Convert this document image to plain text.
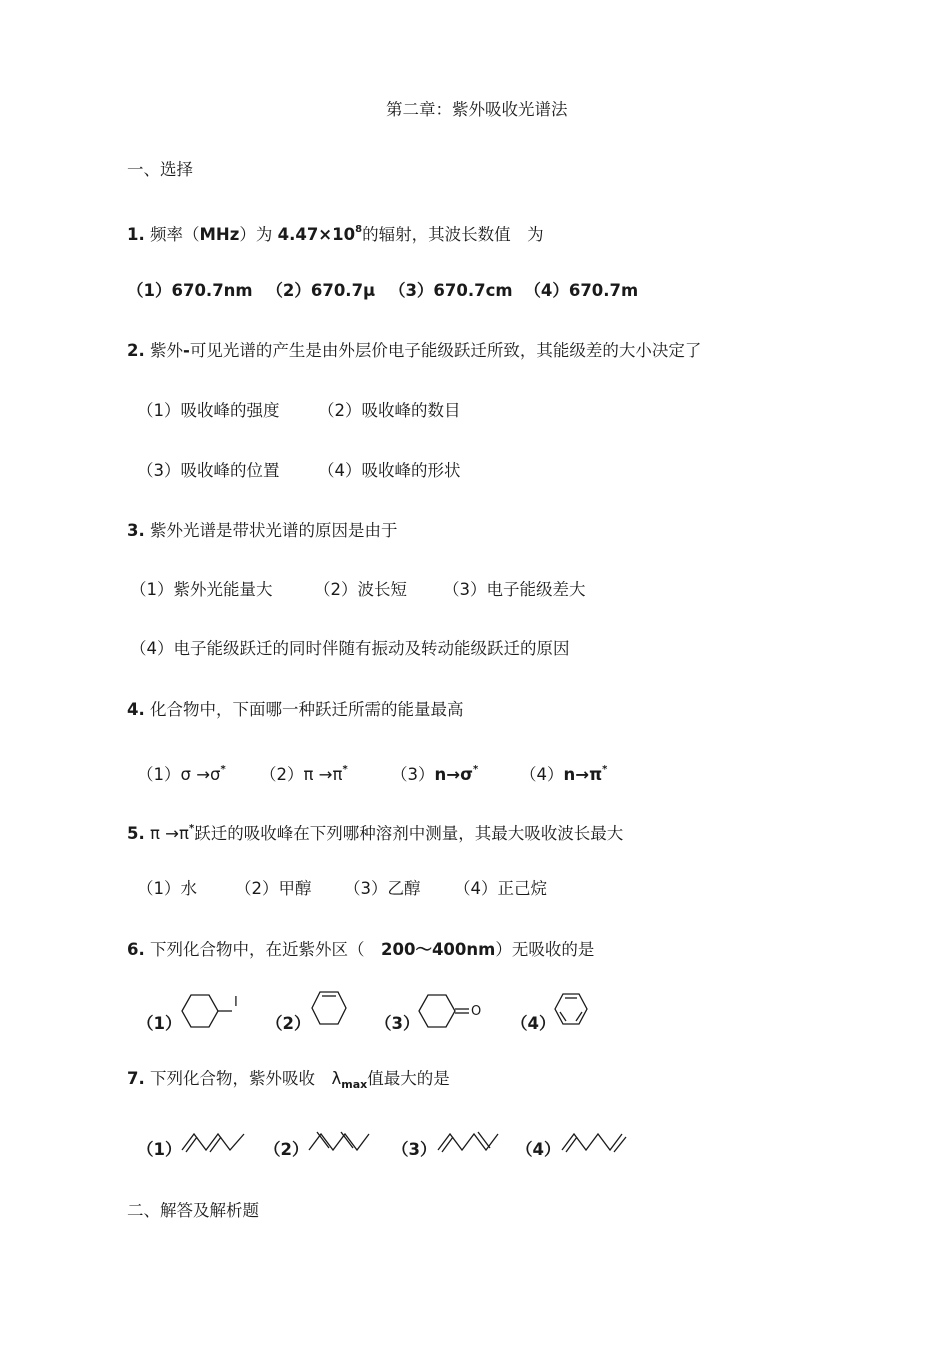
第二章：紫外吸收光谱法
一、选择
1. 频率（MHz）为 $4.47\times 10^8$的辐射，其波长数值　为
（1）670.7nm （2）670.7μ （3）670.7cm （4）670.7m
2. 紫外-可见光谱的产生是由外层价电子能级跃迁所致，其能级差的大小决定了
（1）吸收峰的强度 （2）吸收峰的数目
（3）吸收峰的位置 （4）吸收峰的形状
3. 紫外光谱是带状光谱的原因是由于
（1）紫外光能量大	（2）波长短 （3）电子能级差大
（4）电子能级跃迁的同时伴随有振动及转动能级跃迁的原因
4. 化合物中，下面哪一种跃迁所需的能量最高
（1）σ →σ* （2）π →π*	（3）n→σ*	（4）n→π*
5. π →π*跃迁的吸收峰在下列哪种溶剂中测量，其最大吸收波长最大
（1）水 （2）甲醇 （3）乙醇 （4）正己烷
6. 下列化合物中，在近紫外区（　200～400nm）无吸收的是
（1）
I
（2）	（3）
O
（4）
7. 下列化合物，紫外吸收　$\lambda_{max}$值最大的是
（1）	（2）	（3）	（4）
二、解答及解析题
